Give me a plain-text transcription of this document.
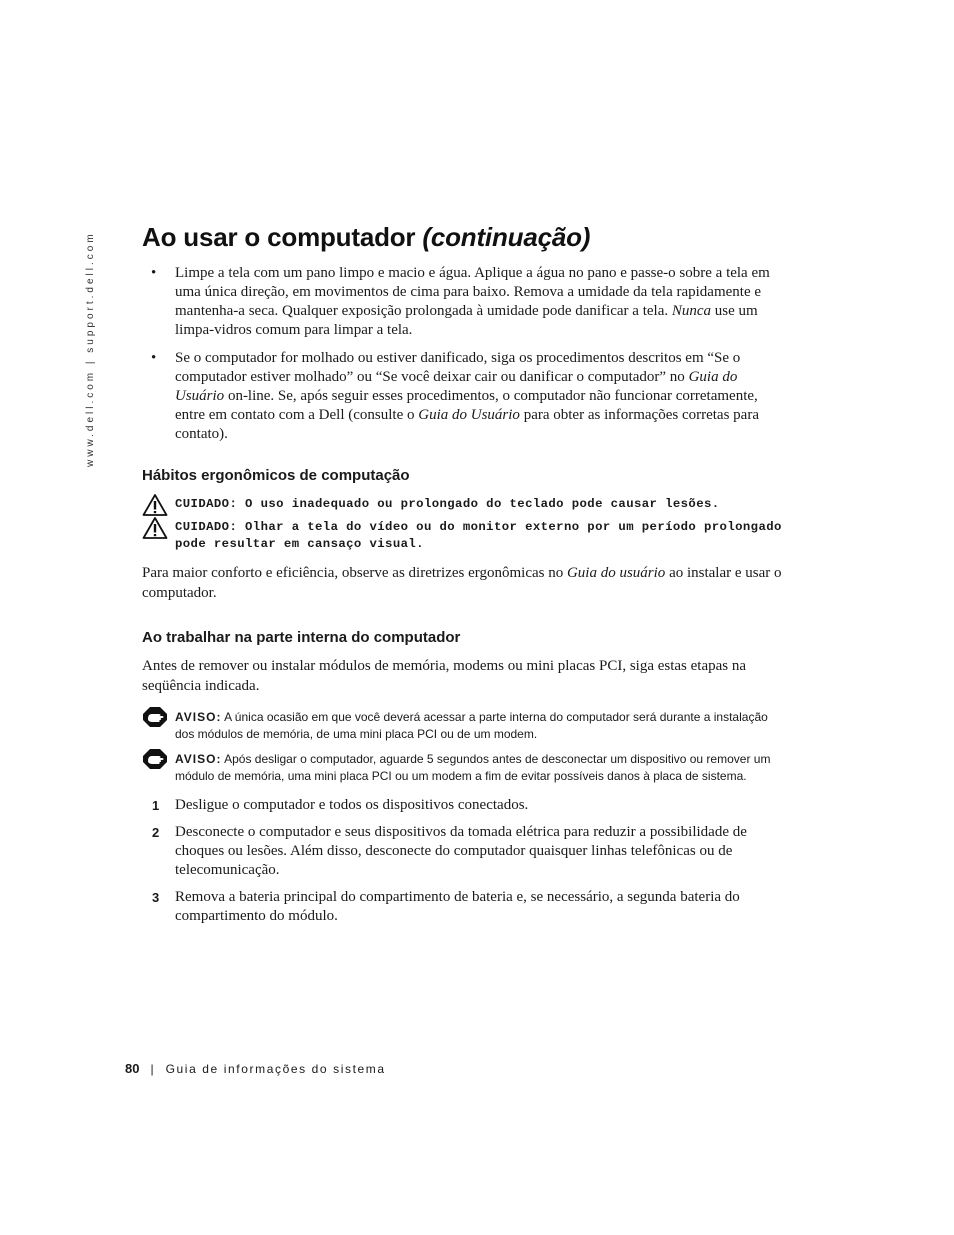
www.dell.com | support.dell.com Ao usar o computador (continuação)
• Limpe a tela com um pano limpo e macio e água. Aplique a água no pano e passe-o sobre a tela em uma única direção, em movimentos de cima para baixo. Remova a umidade da tela rapidamente e mantenha-a seca. Qualquer exposição prolongada à umidade pode danificar a tela. Nunca use um limpa-vidros comum para limpar a tela.
• Se o computador for molhado ou estiver danificado, siga os procedimentos descritos em “Se o computador estiver molhado” ou “Se você deixar cair ou danificar o computador” no Guia do Usuário on-line. Se, após seguir esses procedimentos, o computador não funcionar corretamente, entre em contato com a Dell (consulte o Guia do Usuário para obter as informações corretas para contato).
Hábitos ergonômicos de computação
CUIDADO: O uso inadequado ou prolongado do teclado pode causar lesões.
CUIDADO: Olhar a tela do vídeo ou do monitor externo por um período prolongado pode resultar em cansaço visual.

Para maior conforto e eficiência, observe as diretrizes ergonômicas no Guia do usuário ao instalar e usar o computador.

Ao trabalhar na parte interna do computador

Antes de remover ou instalar módulos de memória, modems ou mini placas PCI, siga estas etapas na seqüência indicada.

AVISO: A única ocasião em que você deverá acessar a parte interna do computador será durante a instalação dos módulos de memória, de uma mini placa PCI ou de um modem.
AVISO: Após desligar o computador, aguarde 5 segundos antes de desconectar um dispositivo ou remover um módulo de memória, uma mini placa PCI ou um modem a fim de evitar possíveis danos à placa de sistema.
1 Desligue o computador e todos os dispositivos conectados.
2 Desconecte o computador e seus dispositivos da tomada elétrica para reduzir a possibilidade de choques ou lesões. Além disso, desconecte do computador quaisquer linhas telefônicas ou de telecomunicação.
3 Remova a bateria principal do compartimento de bateria e, se necessário, a segunda bateria do compartimento do módulo.
80 | Guia de informações do sistema
